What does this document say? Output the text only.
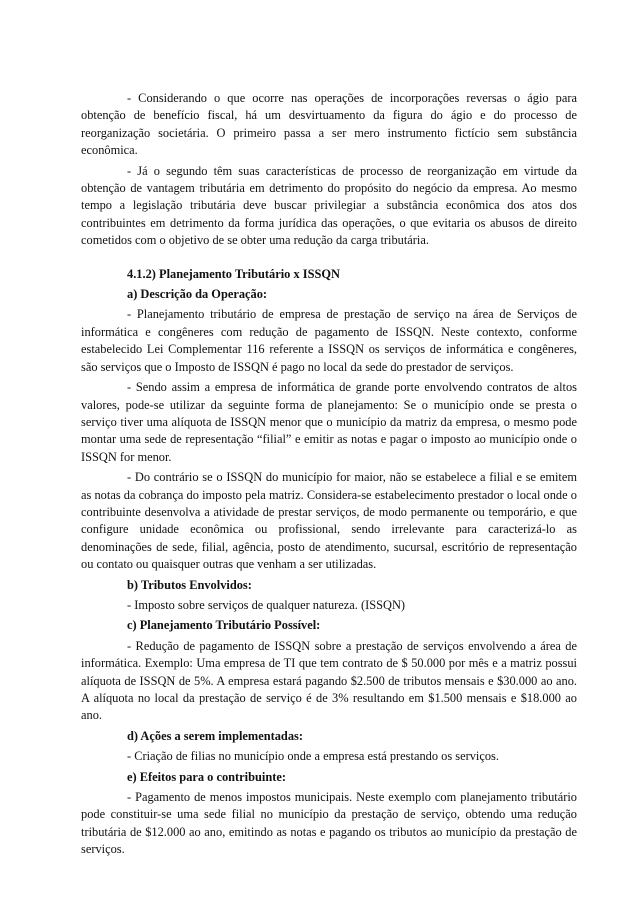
- Considerando o que ocorre nas operações de incorporações reversas o ágio para obtenção de benefício fiscal, há um desvirtuamento da figura do ágio e do processo de reorganização societária. O primeiro passa a ser mero instrumento fictício sem substância econômica.

- Já o segundo têm suas características de processo de reorganização em virtude da obtenção de vantagem tributária em detrimento do propósito do negócio da empresa. Ao mesmo tempo a legislação tributária deve buscar privilegiar a substância econômica dos atos dos contribuintes em detrimento da forma jurídica das operações, o que evitaria os abusos de direito cometidos com o objetivo de se obter uma redução da carga tributária.

4.1.2) Planejamento Tributário x ISSQN

a) Descrição da Operação:

- Planejamento tributário de empresa de prestação de serviço na área de Serviços de informática e congêneres com redução de pagamento de ISSQN. Neste contexto, conforme estabelecido Lei Complementar 116 referente a ISSQN os serviços de informática e congêneres, são serviços que o Imposto de ISSQN é pago no local da sede do prestador de serviços.

- Sendo assim a empresa de informática de grande porte envolvendo contratos de altos valores, pode-se utilizar da seguinte forma de planejamento: Se o município onde se presta o serviço tiver uma alíquota de ISSQN menor que o município da matriz da empresa, o mesmo pode montar uma sede de representação “filial” e emitir as notas e pagar o imposto ao município onde o ISSQN for menor.

- Do contrário se o ISSQN do município for maior, não se estabelece a filial e se emitem as notas da cobrança do imposto pela matriz. Considera-se estabelecimento prestador o local onde o contribuinte desenvolva a atividade de prestar serviços, de modo permanente ou temporário, e que configure unidade econômica ou profissional, sendo irrelevante para caracterizá-lo as denominações de sede, filial, agência, posto de atendimento, sucursal, escritório de representação ou contato ou quaisquer outras que venham a ser utilizadas.

b) Tributos Envolvidos:

- Imposto sobre serviços de qualquer natureza. (ISSQN)

c) Planejamento Tributário Possível:

- Redução de pagamento de ISSQN sobre a prestação de serviços envolvendo a área de informática. Exemplo: Uma empresa de TI que tem contrato de $ 50.000 por mês e a matriz possui alíquota de ISSQN de 5%. A empresa estará pagando $2.500 de tributos mensais e $30.000 ao ano. A alíquota no local da prestação de serviço é de 3% resultando em $1.500 mensais e $18.000 ao ano.

d) Ações a serem implementadas:

- Criação de filias no município onde a empresa está prestando os serviços.

e) Efeitos para o contribuinte:

- Pagamento de menos impostos municipais. Neste exemplo com planejamento tributário pode constituir-se uma sede filial no município da prestação de serviço, obtendo uma redução tributária de $12.000 ao ano, emitindo as notas e pagando os tributos ao município da prestação de serviços.
